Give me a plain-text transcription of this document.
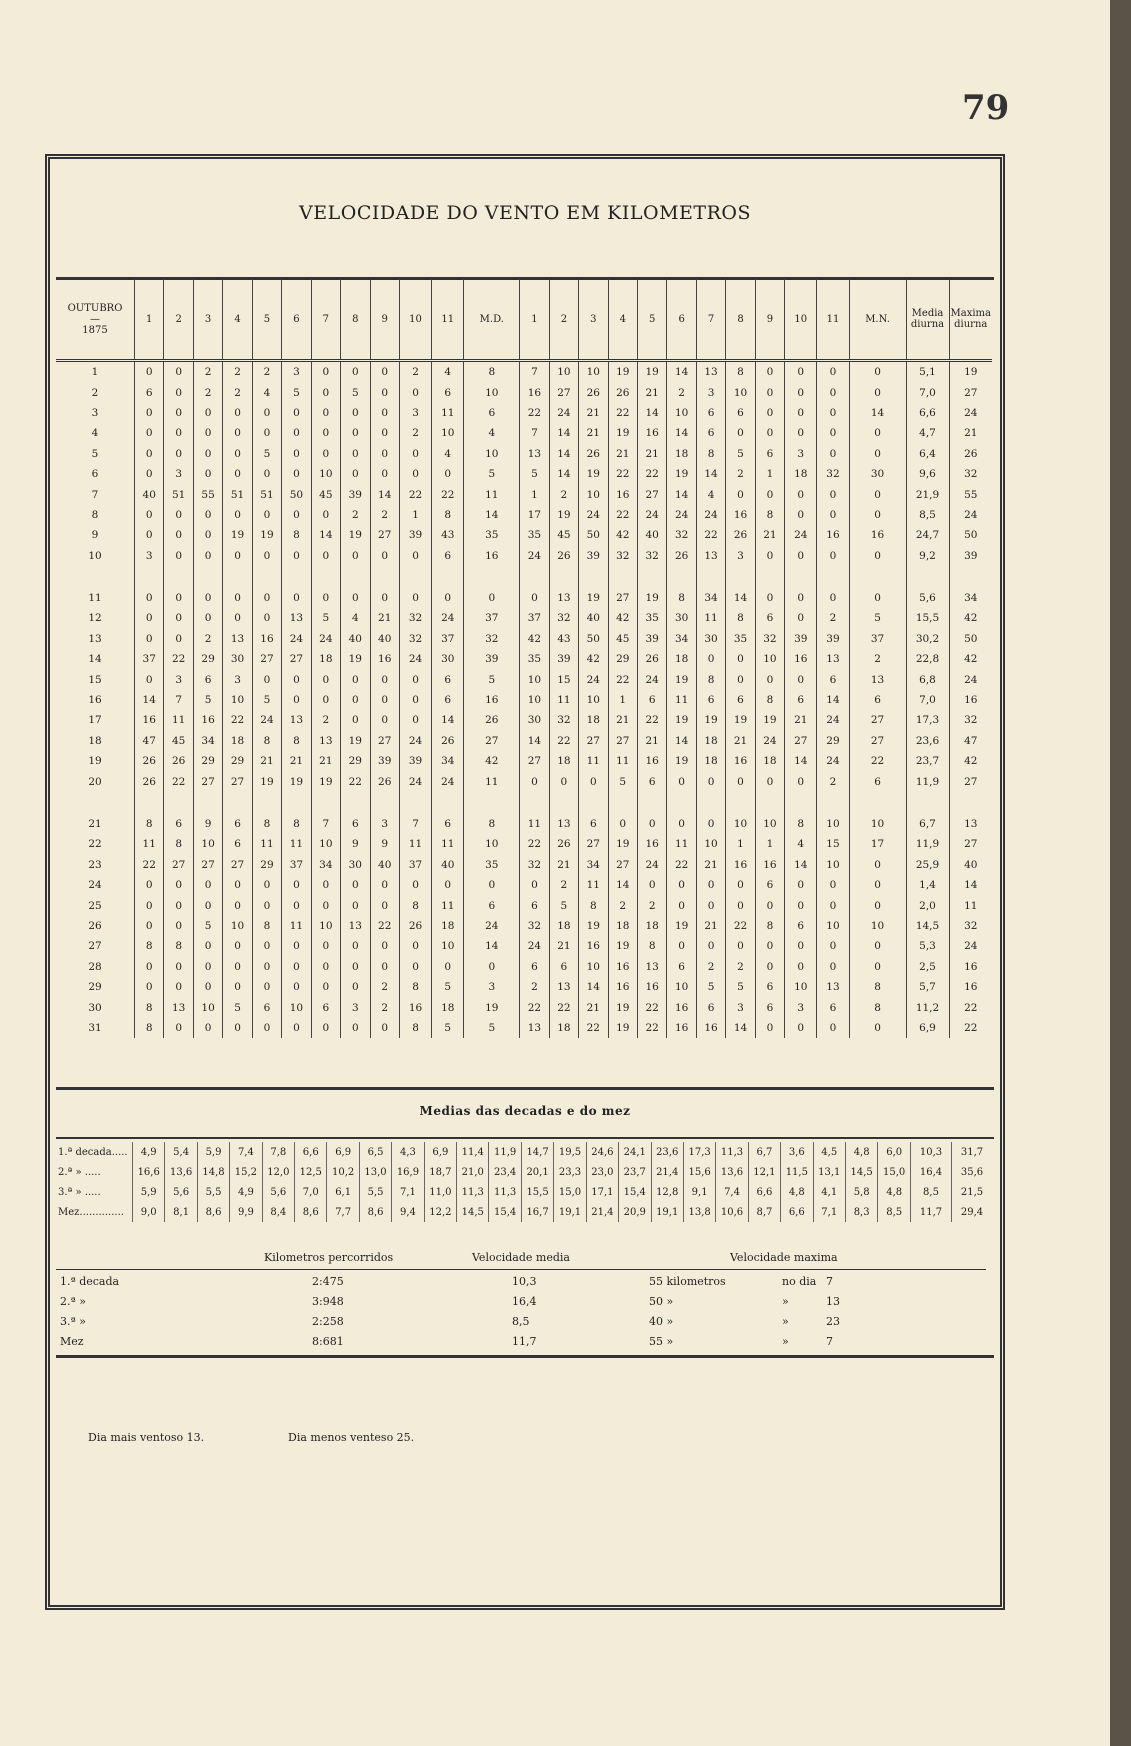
79
VELOCIDADE DO VENTO EM KILOMETROS
OUTUBRO
—
1875	1	2	3	4	5	6	7	8	9	10	11	M.D.	1	2	3	4	5	6	7	8	9	10	11	M.N.	Media diurna	Maxima diurna
1	0	0	2	2	2	3	0	0	0	2	4	8	7	10	10	19	19	14	13	8	0	0	0	0	5,1	19
2	6	0	2	2	4	5	0	5	0	0	6	10	16	27	26	26	21	2	3	10	0	0	0	0	7,0	27
3	0	0	0	0	0	0	0	0	0	3	11	6	22	24	21	22	14	10	6	6	0	0	0	14	6,6	24
4	0	0	0	0	0	0	0	0	0	2	10	4	7	14	21	19	16	14	6	0	0	0	0	0	4,7	21
5	0	0	0	0	5	0	0	0	0	0	4	10	13	14	26	21	21	18	8	5	6	3	0	0	6,4	26
6	0	3	0	0	0	0	10	0	0	0	0	5	5	14	19	22	22	19	14	2	1	18	32	30	9,6	32
7	40	51	55	51	51	50	45	39	14	22	22	11	1	2	10	16	27	14	4	0	0	0	0	0	21,9	55
8	0	0	0	0	0	0	0	2	2	1	8	14	17	19	24	22	24	24	24	16	8	0	0	0	8,5	24
9	0	0	0	19	19	8	14	19	27	39	43	35	35	45	50	42	40	32	22	26	21	24	16	16	24,7	50
10	3	0	0	0	0	0	0	0	0	0	6	16	24	26	39	32	32	26	13	3	0	0	0	0	9,2	39

11	0	0	0	0	0	0	0	0	0	0	0	0	0	13	19	27	19	8	34	14	0	0	0	0	5,6	34
12	0	0	0	0	0	13	5	4	21	32	24	37	37	32	40	42	35	30	11	8	6	0	2	5	15,5	42
13	0	0	2	13	16	24	24	40	40	32	37	32	42	43	50	45	39	34	30	35	32	39	39	37	30,2	50
14	37	22	29	30	27	27	18	19	16	24	30	39	35	39	42	29	26	18	0	0	10	16	13	2	22,8	42
15	0	3	6	3	0	0	0	0	0	0	6	5	10	15	24	22	24	19	8	0	0	0	6	13	6,8	24
16	14	7	5	10	5	0	0	0	0	0	6	16	10	11	10	1	6	11	6	6	8	6	14	6	7,0	16
17	16	11	16	22	24	13	2	0	0	0	14	26	30	32	18	21	22	19	19	19	19	21	24	27	17,3	32
18	47	45	34	18	8	8	13	19	27	24	26	27	14	22	27	27	21	14	18	21	24	27	29	27	23,6	47
19	26	26	29	29	21	21	21	29	39	39	34	42	27	18	11	11	16	19	18	16	18	14	24	22	23,7	42
20	26	22	27	27	19	19	19	22	26	24	24	11	0	0	0	5	6	0	0	0	0	0	2	6	11,9	27

21	8	6	9	6	8	8	7	6	3	7	6	8	11	13	6	0	0	0	0	10	10	8	10	10	6,7	13
22	11	8	10	6	11	11	10	9	9	11	11	10	22	26	27	19	16	11	10	1	1	4	15	17	11,9	27
23	22	27	27	27	29	37	34	30	40	37	40	35	32	21	34	27	24	22	21	16	16	14	10	0	25,9	40
24	0	0	0	0	0	0	0	0	0	0	0	0	0	2	11	14	0	0	0	0	6	0	0	0	1,4	14
25	0	0	0	0	0	0	0	0	0	8	11	6	6	5	8	2	2	0	0	0	0	0	0	0	2,0	11
26	0	0	5	10	8	11	10	13	22	26	18	24	32	18	19	18	18	19	21	22	8	6	10	10	14,5	32
27	8	8	0	0	0	0	0	0	0	0	10	14	24	21	16	19	8	0	0	0	0	0	0	0	5,3	24
28	0	0	0	0	0	0	0	0	0	0	0	0	6	6	10	16	13	6	2	2	0	0	0	0	2,5	16
29	0	0	0	0	0	0	0	0	2	8	5	3	2	13	14	16	16	10	5	5	6	10	13	8	5,7	16
30	8	13	10	5	6	10	6	3	2	16	18	19	22	22	21	19	22	16	6	3	6	3	6	8	11,2	22
31	8	0	0	0	0	0	0	0	0	8	5	5	13	18	22	19	22	16	16	14	0	0	0	0	6,9	22
Medias das decadas e do mez
1.ª decada.....	4,9	5,4	5,9	7,4	7,8	6,6	6,9	6,5	4,3	6,9	11,4	11,9	14,7	19,5	24,6	24,1	23,6	17,3	11,3	6,7	3,6	4,5	4,8	6,0	10,3	31,7
2.ª » .....	16,6	13,6	14,8	15,2	12,0	12,5	10,2	13,0	16,9	18,7	21,0	23,4	20,1	23,3	23,0	23,7	21,4	15,6	13,6	12,1	11,5	13,1	14,5	15,0	16,4	35,6
3.ª » .....	5,9	5,6	5,5	4,9	5,6	7,0	6,1	5,5	7,1	11,0	11,3	11,3	15,5	15,0	17,1	15,4	12,8	9,1	7,4	6,6	4,8	4,1	5,8	4,8	8,5	21,5
Mez..............	9,0	8,1	8,6	9,9	8,4	8,6	7,7	8,6	9,4	12,2	14,5	15,4	16,7	19,1	21,4	20,9	19,1	13,8	10,6	8,7	6,6	7,1	8,3	8,5	11,7	29,4
Kilometros percorridos	Velocidade media	Velocidade maxima
1.ª decada	2:475	10,3	55 kilometros	no dia 7
2.ª »	3:948	16,4	50 »	»	13
3.ª »	2:258	8,5	40 »	»	23
Mez	8:681	11,7	55 »	»	7
Dia mais ventoso 13.	Dia menos venteso 25.
